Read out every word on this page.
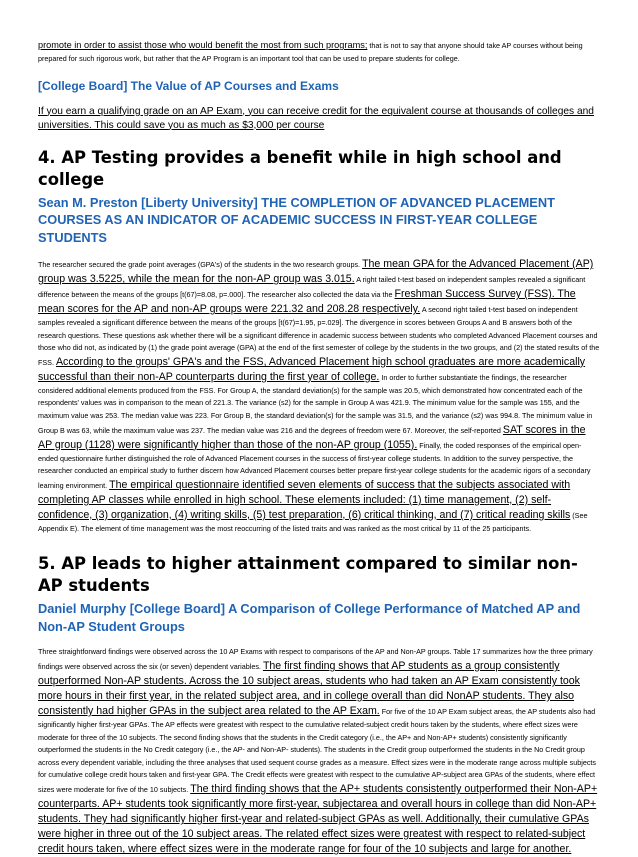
promote in order to assist those who would benefit the most from such programs; that is not to say that anyone should take AP courses without being prepared for such rigorous work, but rather that the AP Program is an important tool that can be used to prepare students for college.

[College Board] The Value of AP Courses and Exams

If you earn a qualifying grade on an AP Exam, you can receive credit for the equivalent course at thousands of colleges and universities. This could save you as much as $3,000 per course

4. AP Testing provides a benefit while in high school and college

Sean M. Preston [Liberty University] THE COMPLETION OF ADVANCED PLACEMENT COURSES AS AN INDICATOR OF ACADEMIC SUCCESS IN FIRST-YEAR COLLEGE STUDENTS

The researcher secured the grade point averages (GPA's) of the students in the two research groups. The mean GPA for the Advanced Placement (AP) group was 3.5225, while the mean for the non-AP group was 3.015. A right tailed t-test based on independent samples revealed a significant difference between the means of the groups [t(67)=8.08, p=.000]. The researcher also collected the data via the Freshman Success Survey (FSS). The mean scores for the AP and non-AP groups were 221.32 and 208.28 respectively. A second right tailed t-test based on independent samples revealed a significant difference between the means of the groups [t(67)=1.95, p=.029]. The divergence in scores between Groups A and B answers both of the research questions. These questions ask whether there will be a significant difference in academic success between students who completed Advanced Placement courses and those who did not, as indicated by (1) the grade point average (GPA) at the end of the first semester of college by the students in the two groups, and (2) the stated results of the FSS. According to the groups' GPA's and the FSS, Advanced Placement high school graduates are more academically successful than their non-AP counterparts during the first year of college. In order to further substantiate the findings, the researcher considered additional elements produced from the FSS. For Group A, the standard deviation(s) for the sample was 20.5, which demonstrated how concentrated each of the respondents' values was in comparison to the mean of 221.3. The variance (s2) for the sample in Group A was 421.9. The minimum value for the sample was 155, and the maximum value was 253. The median value was 223. For Group B, the standard deviation(s) for the sample was 31.5, and the variance (s2) was 994.8. The minimum value in Group B was 63, while the maximum value was 237. The median value was 216 and the degrees of freedom were 67. Moreover, the self-reported SAT scores in the AP group (1128) were significantly higher than those of the non-AP group (1055). Finally, the coded responses of the empirical open-ended questionnaire further distinguished the role of Advanced Placement courses in the success of first-year college students. In addition to the survey perspective, the researcher conducted an empirical study to further discern how Advanced Placement courses better prepare first-year college students for the academic rigors of a secondary learning environment. The empirical questionnaire identified seven elements of success that the subjects associated with completing AP classes while enrolled in high school. These elements included: (1) time management, (2) self-confidence, (3) organization, (4) writing skills, (5) test preparation, (6) critical thinking, and (7) critical reading skills (See Appendix E). The element of time management was the most reoccurring of the listed traits and was ranked as the most critical by 11 of the 25 participants.

5. AP leads to higher attainment compared to similar non-AP students

Daniel Murphy [College Board] A Comparison of College Performance of Matched AP and Non-AP Student Groups

Three straightforward findings were observed across the 10 AP Exams with respect to comparisons of the AP and Non-AP groups. Table 17 summarizes how the three primary findings were observed across the six (or seven) dependent variables. The first finding shows that AP students as a group consistently outperformed Non-AP students. Across the 10 subject areas, students who had taken an AP Exam consistently took more hours in their first year, in the related subject area, and in college overall than did NonAP students. They also consistently had higher GPAs in the subject area related to the AP Exam. For five of the 10 AP Exam subject areas, the AP students also had significantly higher first-year GPAs. The AP effects were greatest with respect to the cumulative related-subject credit hours taken by the students, where effect sizes were moderate for three of the 10 subjects. The second finding shows that the students in the Credit category (i.e., the AP+ and Non-AP+ students) consistently significantly outperformed the students in the No Credit category (i.e., the AP- and Non-AP- students). The students in the Credit group outperformed the students in the No Credit group across every dependent variable, including the three analyses that used sequent course grades as a measure. Effect sizes were in the moderate range across multiple subjects for cumulative college credit hours taken and first-year GPA. The Credit effects were greatest with respect to the cumulative AP-subject area GPAs of the students, where effect sizes were moderate for five of the 10 subjects. The third finding shows that the AP+ students consistently outperformed their Non-AP+ counterparts. AP+ students took significantly more first-year, subjectarea and overall hours in college than did Non-AP+ students. They had significantly higher first-year and related-subject GPAs as well. Additionally, their cumulative GPAs were higher in three out of the 10 subject areas. The related effect sizes were greatest with respect to related-subject credit hours taken, where effect sizes were in the moderate range for four of the 10 subjects and large for another.
